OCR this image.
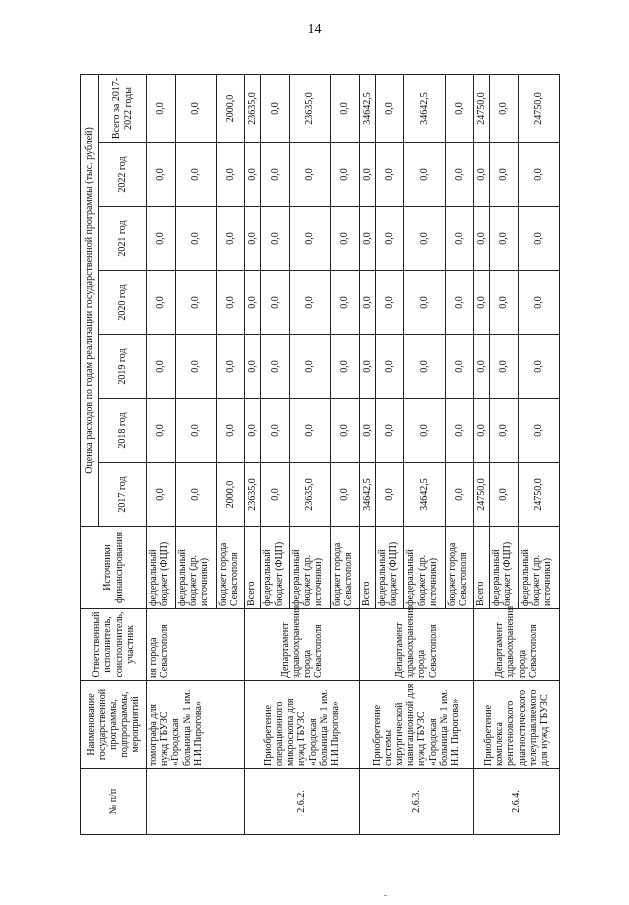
14
№ п/п	Наименование государственной программы, подпрограммы, мероприятий	Ответственный исполнитель, соисполнитель, участник	Источники финансирования	Оценка расходов по годам реализации государственной программы (тыс. рублей)						
				2017 год	2018 год	2019 год	2020 год	2021 год	2022 год	Всего за 2017-2022 годы
	томографа для нужд ГБУЗС «Городская больница № 1 им. Н.И.Пирогова»	ия города Севастополя	федеральный бюджет (ФЦП)	0,0	0,0	0,0	0,0	0,0	0,0	0,0
			федеральный бюджет (др. источники)	0,0	0,0	0,0	0,0	0,0	0,0	0,0
			бюджет города Севастополя	2000,0	0,0	0,0	0,0	0,0	0,0	2000,0
2.6.2.	Приобретение операционного микроскопа для нужд ГБУЗС «Городская больница № 1 им. Н.И.Пирогова»	Департамент здравоохранения города Севастополя	Всего	23635,0	0,0	0,0	0,0	0,0	0,0	23635,0
			федеральный бюджет (ФЦП)	0,0	0,0	0,0	0,0	0,0	0,0	0,0
			федеральный бюджет (др. источники)	23635,0	0,0	0,0	0,0	0,0	0,0	23635,0
			бюджет города Севастополя	0,0	0,0	0,0	0,0	0,0	0,0	0,0
2.6.3.	Приобретение системы хирургической навигационной для нужд ГБУЗС «Городская больница № 1 им. Н.И. Пирогова»	Департамент здравоохранения города Севастополя	Всего	34642,5	0,0	0,0	0,0	0,0	0,0	34642,5
			федеральный бюджет (ФЦП)	0,0	0,0	0,0	0,0	0,0	0,0	0,0
			федеральный бюджет (др. источники)	34642,5	0,0	0,0	0,0	0,0	0,0	34642,5
			бюджет города Севастополя	0,0	0,0	0,0	0,0	0,0	0,0	0,0
2.6.4.	Приобретение комплекса рентгеновского диагностического телеуправляемого для нужд ГБУЗС	Департамент здравоохранения города Севастополя	Всего	24750,0	0,0	0,0	0,0	0,0	0,0	24750,0
			федеральный бюджет (ФЦП)	0,0	0,0	0,0	0,0	0,0	0,0	0,0
			федеральный бюджет (др. источники)	24750,0	0,0	0,0	0,0	0,0	0,0	24750,0
